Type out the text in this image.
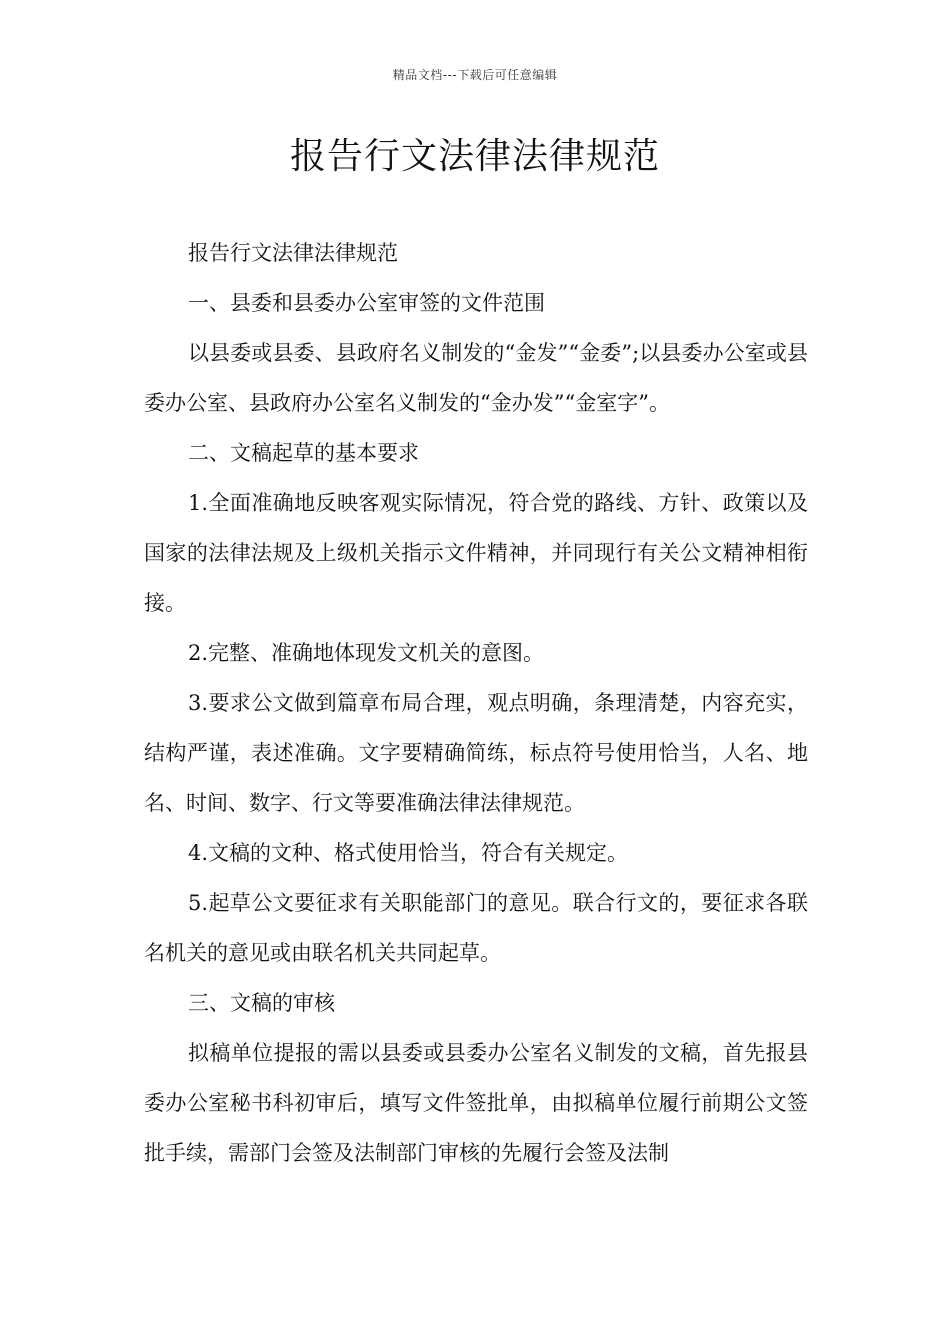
精品文档---下载后可任意编辑
报告行文法律法律规范

报告行文法律法律规范

一、县委和县委办公室审签的文件范围

以县委或县委、县政府名义制发的“金发”“金委”;以县委办公室或县委办公室、县政府办公室名义制发的“金办发”“金室字”。

二、文稿起草的基本要求

1.全面准确地反映客观实际情况，符合党的路线、方针、政策以及国家的法律法规及上级机关指示文件精神，并同现行有关公文精神相衔接。

2.完整、准确地体现发文机关的意图。

3.要求公文做到篇章布局合理，观点明确，条理清楚，内容充实，结构严谨，表述准确。文字要精确简练，标点符号使用恰当，人名、地名、时间、数字、行文等要准确法律法律规范。

4.文稿的文种、格式使用恰当，符合有关规定。

5.起草公文要征求有关职能部门的意见。联合行文的，要征求各联名机关的意见或由联名机关共同起草。

三、文稿的审核

拟稿单位提报的需以县委或县委办公室名义制发的文稿，首先报县委办公室秘书科初审后，填写文件签批单，由拟稿单位履行前期公文签批手续，需部门会签及法制部门审核的先履行会签及法制
